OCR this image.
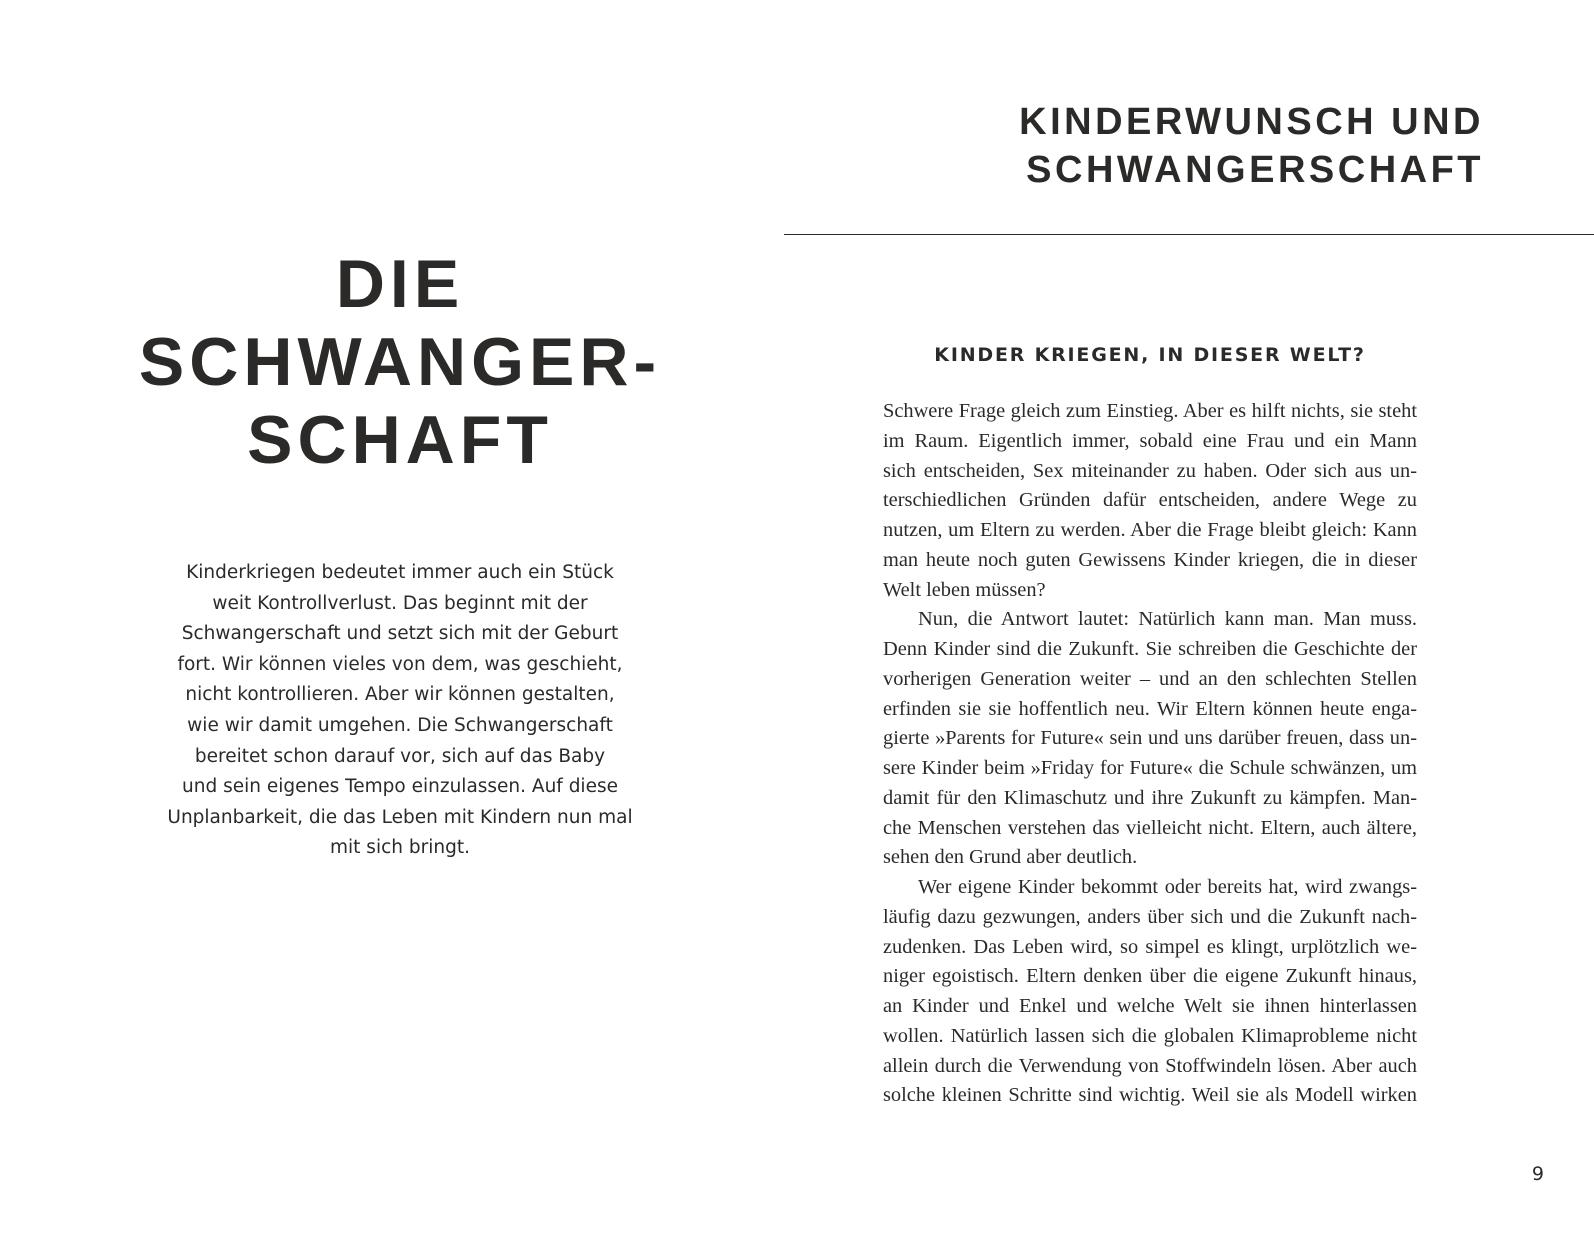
DIE
SCHWANGER-
SCHAFT

Kinderkriegen bedeutet immer auch ein Stück
weit Kontrollverlust. Das beginnt mit der
Schwangerschaft und setzt sich mit der Geburt
fort. Wir können vieles von dem, was geschieht,
nicht kontrollieren. Aber wir können gestalten,
wie wir damit umgehen. Die Schwangerschaft
bereitet schon darauf vor, sich auf das Baby
und sein eigenes Tempo einzulassen. Auf diese
Unplanbarkeit, die das Leben mit Kindern nun mal
mit sich bringt.

KINDERWUNSCH UND
SCHWANGERSCHAFT
KINDER KRIEGEN, IN DIESER WELT?
Schwere Frage gleich zum Einstieg. Aber es hilft nichts, sie steht
im Raum. Eigentlich immer, sobald eine Frau und ein Mann
sich entscheiden, Sex miteinander zu haben. Oder sich aus un-
terschiedlichen Gründen dafür entscheiden, andere Wege zu
nutzen, um Eltern zu werden. Aber die Frage bleibt gleich: Kann
man heute noch guten Gewissens Kinder kriegen, die in dieser
Welt leben müssen?
Nun, die Antwort lautet: Natürlich kann man. Man muss.
Denn Kinder sind die Zukunft. Sie schreiben die Geschichte der
vorherigen Generation weiter – und an den schlechten Stellen
erfinden sie sie hoffentlich neu. Wir Eltern können heute enga-
gierte »Parents for Future« sein und uns darüber freuen, dass un-
sere Kinder beim »Friday for Future« die Schule schwänzen, um
damit für den Klimaschutz und ihre Zukunft zu kämpfen. Man-
che Menschen verstehen das vielleicht nicht. Eltern, auch ältere,
sehen den Grund aber deutlich.
Wer eigene Kinder bekommt oder bereits hat, wird zwangs-
läufig dazu gezwungen, anders über sich und die Zukunft nach-
zudenken. Das Leben wird, so simpel es klingt, urplötzlich we-
niger egoistisch. Eltern denken über die eigene Zukunft hinaus,
an Kinder und Enkel und welche Welt sie ihnen hinterlassen
wollen. Natürlich lassen sich die globalen Klimaprobleme nicht
allein durch die Verwendung von Stoffwindeln lösen. Aber auch
solche kleinen Schritte sind wichtig. Weil sie als Modell wirken
9
